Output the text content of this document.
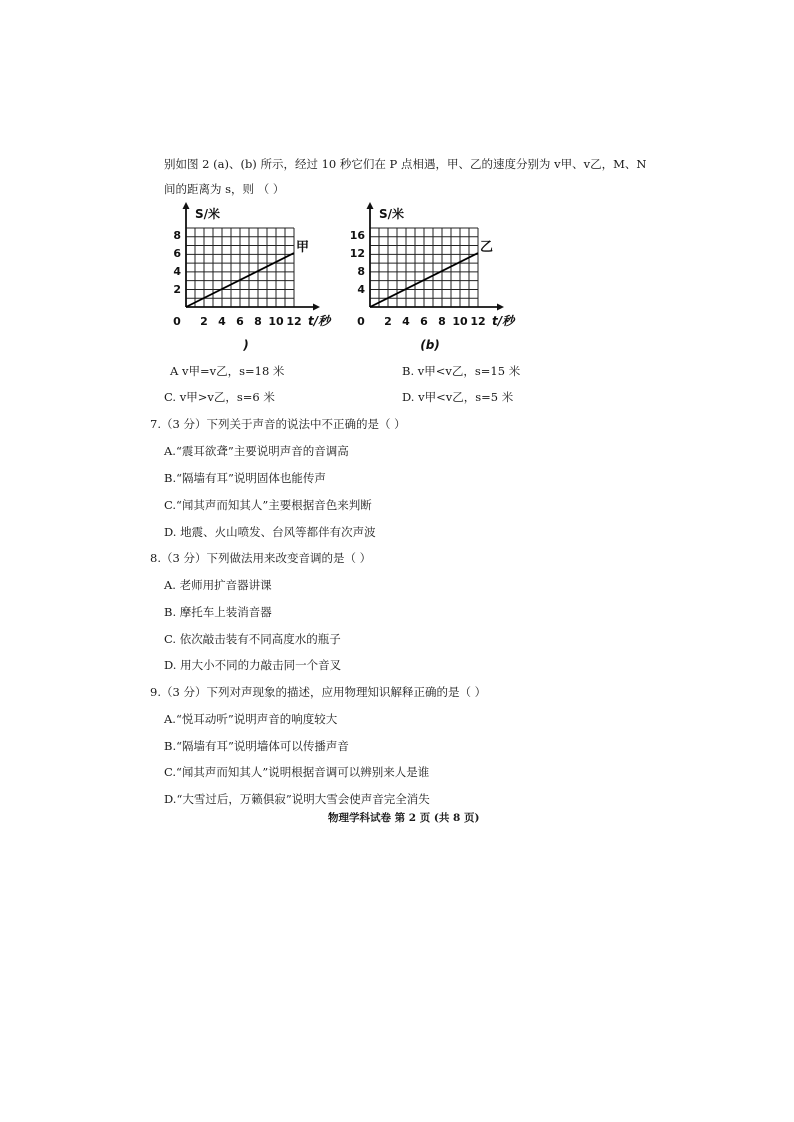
别如图 2 (a)、(b) 所示，经过 10 秒它们在 P 点相遇，甲、乙的速度分别为 v甲、v乙，M、N
间的距离为 s，则 （ ）
S/米
t/秒
0 2 4 6 8 10 12
2
4
6
8
甲
)
S/米
t/秒
0 2 4 6 8 10 12
4
8
12
16
乙
(b)
A v甲=v乙，s=18 米	B. v甲<v乙，s=15 米
C. v甲>v乙，s=6 米	D. v甲<v乙，s=5 米
7.（3 分）下列关于声音的说法中不正确的是（ ）
A.“震耳欲聋”主要说明声音的音调高
B.“隔墙有耳”说明固体也能传声
C.“闻其声而知其人”主要根据音色来判断
D. 地震、火山喷发、台风等都伴有次声波
8.（3 分）下列做法用来改变音调的是（ ）
A. 老师用扩音器讲课
B. 摩托车上装消音器
C. 依次敲击装有不同高度水的瓶子
D. 用大小不同的力敲击同一个音叉
9.（3 分）下列对声现象的描述，应用物理知识解释正确的是（ ）
A.“悦耳动听”说明声音的响度较大
B.“隔墙有耳”说明墙体可以传播声音
C.“闻其声而知其人”说明根据音调可以辨别来人是谁
D.“大雪过后，万籁俱寂”说明大雪会使声音完全消失
物理学科试卷 第 2 页 (共 8 页)
